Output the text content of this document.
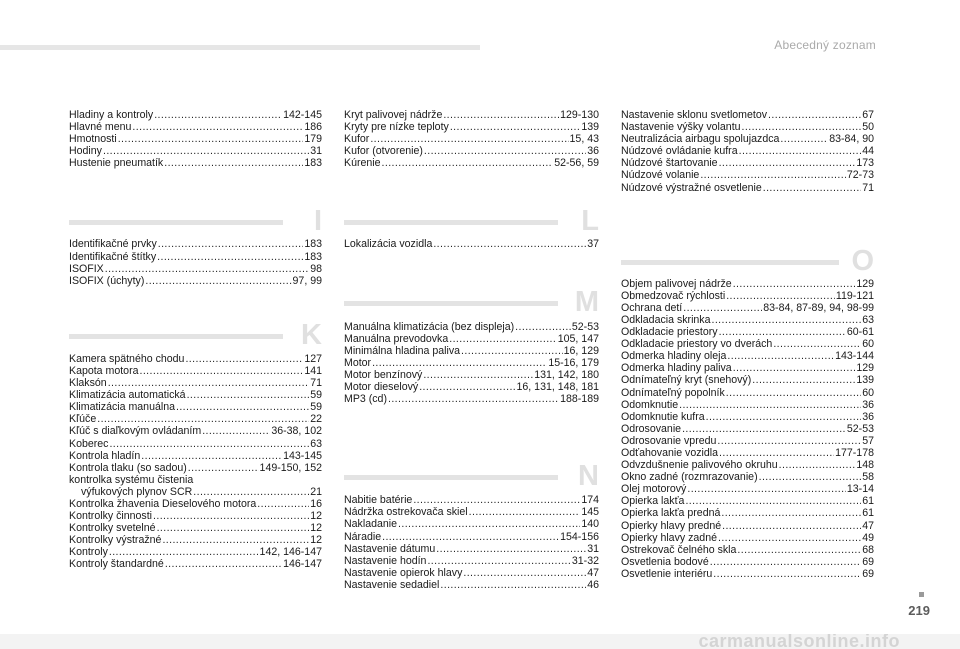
Abecedný zoznam
Hladiny a kontroly .....	142-145
Hlavné menu .....	186
Hmotnosti .....	179
Hodiny .....	31
Hustenie pneumatík .....	183
I
Identifikačné prvky .....	183
Identifikačné štítky .....	183
ISOFIX .....	98
ISOFIX (úchyty) .....	97, 99
K
Kamera spätného chodu .....	127
Kapota motora .....	141
Klaksón .....	71
Klimatizácia automatická .....	59
Klimatizácia manuálna .....	59
Kľúče .....	22
Kľúč s diaľkovým ovládaním .....	36-38, 102
Koberec .....	63
Kontrola hladín .....	143-145
Kontrola tlaku (so sadou) .....	149-150, 152
kontrolka systému čistenia
výfukových plynov SCR .....	21
Kontrolka žhavenia Dieselového motora .....	16
Kontrolky činnosti .....	12
Kontrolky svetelné .....	12
Kontrolky výstražné .....	12
Kontroly .....	142, 146-147
Kontroly štandardné .....	146-147
Kryt palivovej nádrže .....	129-130
Kryty pre nízke teploty .....	139
Kufor .....	15, 43
Kufor (otvorenie) .....	36
Kúrenie .....	52-56, 59
L
Lokalizácia vozidla .....	37
M
Manuálna klimatizácia (bez displeja) .....	52-53
Manuálna prevodovka .....	105, 147
Minimálna hladina paliva .....	16, 129
Motor .....	15-16, 179
Motor benzínový .....	131, 142, 180
Motor dieselový .....	16, 131, 148, 181
MP3 (cd) .....	188-189
N
Nabitie batérie .....	174
Nádržka ostrekovača skiel .....	145
Nakladanie .....	140
Náradie .....	154-156
Nastavenie dátumu .....	31
Nastavenie hodín .....	31-32
Nastavenie opierok hlavy .....	47
Nastavenie sedadiel .....	46
Nastavenie sklonu svetlometov .....	67
Nastavenie výšky volantu .....	50
Neutralizácia airbagu spolujazdca .....	83-84, 90
Núdzové ovládanie kufra .....	44
Núdzové štartovanie .....	173
Núdzové volanie .....	72-73
Núdzové výstražné osvetlenie .....	71
O
Objem palivovej nádrže .....	129
Obmedzovač rýchlosti .....	119-121
Ochrana detí .....	83-84, 87-89, 94, 98-99
Odkladacia skrinka .....	63
Odkladacie priestory .....	60-61
Odkladacie priestory vo dverách .....	60
Odmerka hladiny oleja .....	143-144
Odmerka hladiny paliva .....	129
Odnímateľný kryt (snehový) .....	139
Odnímateľný popolník .....	60
Odomknutie .....	36
Odomknutie kufra .....	36
Odrosovanie .....	52-53
Odrosovanie vpredu .....	57
Odťahovanie vozidla .....	177-178
Odvzdušnenie palivového okruhu .....	148
Okno zadné (rozmrazovanie) .....	58
Olej motorový .....	13-14
Opierka lakťa .....	61
Opierka lakťa predná .....	61
Opierky hlavy predné .....	47
Opierky hlavy zadné .....	49
Ostrekovač čelného skla .....	68
Osvetlenia bodové .....	69
Osvetlenie interiéru .....	69
219
carmanualsonline.info
